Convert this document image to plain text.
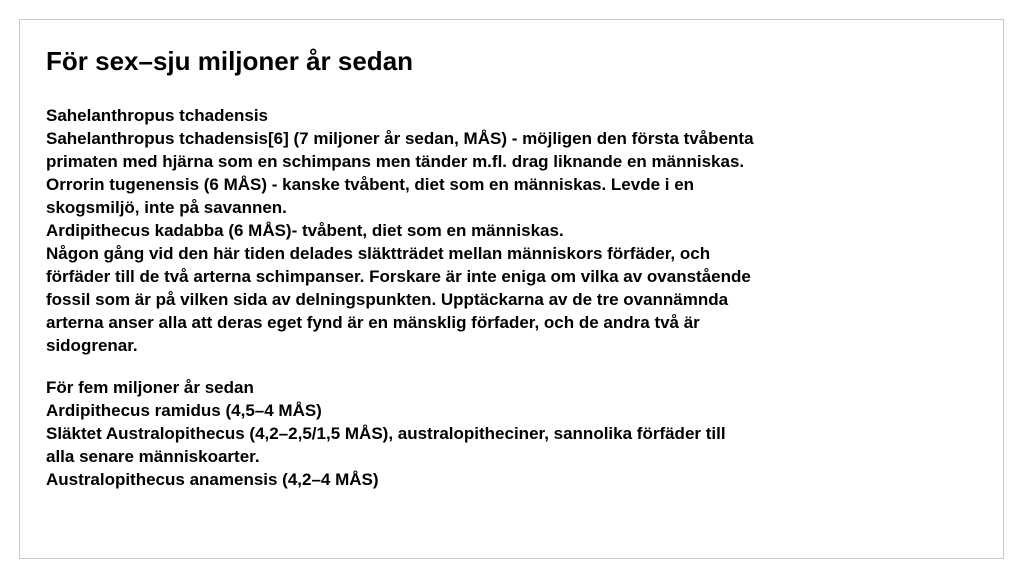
För sex–sju miljoner år sedan
Sahelanthropus tchadensis
Sahelanthropus tchadensis[6] (7 miljoner år sedan, MÅS) - möjligen den första tvåbenta
primaten med hjärna som en schimpans men tänder m.fl. drag liknande en människas.
Orrorin tugenensis (6 MÅS) - kanske tvåbent, diet som en människas. Levde i en
skogsmiljö, inte på savannen.
Ardipithecus kadabba (6 MÅS)- tvåbent, diet som en människas.
Någon gång vid den här tiden delades släktträdet mellan människors förfäder, och
förfäder till de två arterna schimpanser. Forskare är inte eniga om vilka av ovanstående
fossil som är på vilken sida av delningspunkten. Upptäckarna av de tre ovannämnda
arterna anser alla att deras eget fynd är en mänsklig förfader, och de andra två är
sidogrenar.
För fem miljoner år sedan
Ardipithecus ramidus (4,5–4 MÅS)
Släktet Australopithecus (4,2–2,5/1,5 MÅS), australopitheciner, sannolika förfäder till
alla senare människoarter.
Australopithecus anamensis (4,2–4 MÅS)
